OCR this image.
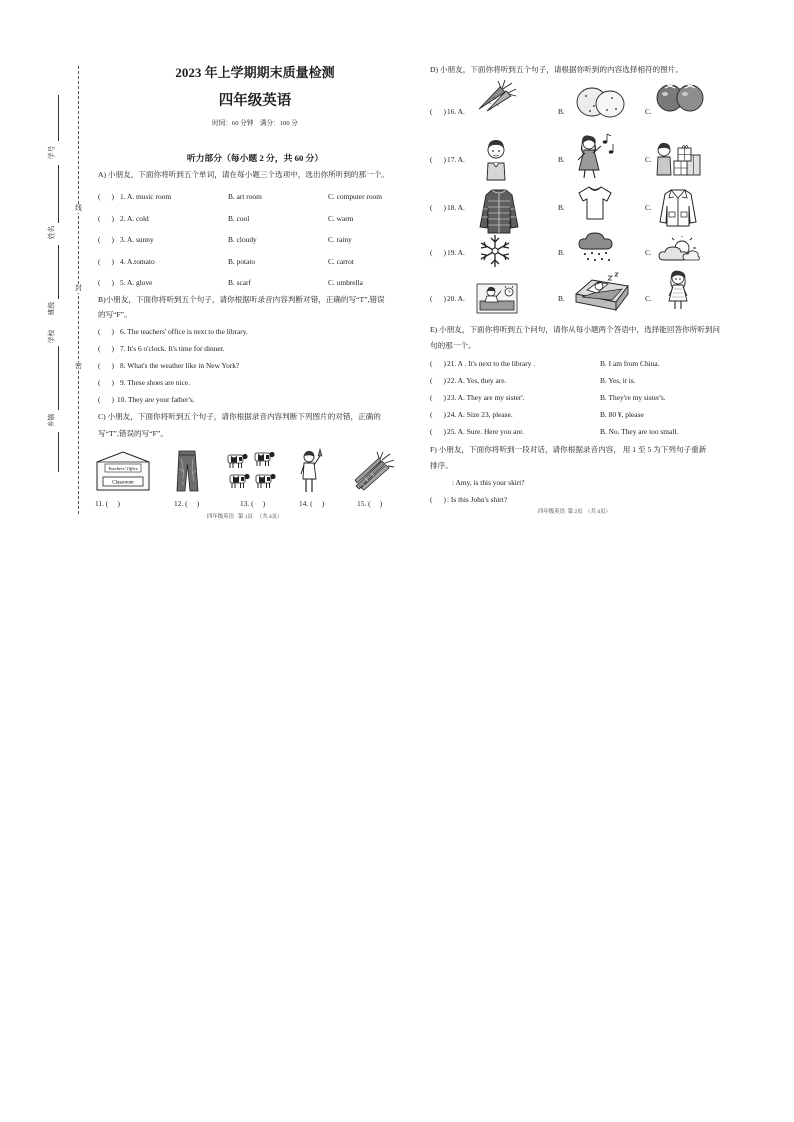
学号
姓名
班级
学校
乡镇
线
封
密
2023 年上学期期末质量检测
四年级英语
时间：60 分钟    满分：100 分
听力部分（每小题 2 分，共 60 分）
A) 小朋友，下面你将听到五个单词，请在每小题三个选项中，选出你所听到的那一个。
(      ) 1. A. music room	B. art room	C. computer room
(      ) 2. A. cold	B. cool	C. warm
(      ) 3. A. sunny	B. cloudy	C. rainy
(      ) 4. A.tomato	B. potato	C. carrot
(      ) 5. A. glove	B. scarf	C. umbrella
B)小朋友，下面你将听到五个句子，请你根据听录音内容判断对错，正确的写“T”,错误
的写“F”。
(      ) 6. The teachers' office is next to the library.
(      ) 7. It's 6 o'clock. It's time for dinner.
(      ) 8. What's the weather like in New York?
(      ) 9. These shoes are nice.
(      ) 10. They are your father's.
C) 小朋友，下面你将听到五个句子，请你根据录音内容判断下列图片的对错，正确的
写“T”,错误的写“F”。
Teachers' Office
Classroom
11. (     )	12. (     )	13. (     )	14. (     )	15. (     )
四年级英语   第 1页   （共 4页）
D) 小朋友，下面你将听到五个句子，请根据你听到的内容选择相符的图片。
(      ) 16. A.	B.	C.
(      ) 17. A.	B.	C.
(      ) 18. A.	B.	C.
(      ) 19. A.	B.	C.
(      ) 20. A.	B.	C.
E) 小朋友，下面你将听到五个问句，请你从每小题两个答语中，选择能回答你所听到问
句的那一个。
(      ) 21. A . It's next to the library .	B. I am from China.
(      ) 22. A. Yes, they are.	B. Yes, it is.
(      ) 23. A. They are my sister'.	B. They're my sister's.
(      ) 24. A. Size 23, please.	B. 80 ¥, please
(      ) 25. A. Sure. Here you are.	B. No. They are too small.
F) 小朋友，下面你将听到一段对话，请你根据录音内容， 用 1 至 5 为下列句子重新
排序。
: Amy, is this your skirt?
(      ) : Is this John's shirt?
四年级英语  第 2页  （共 4页）
